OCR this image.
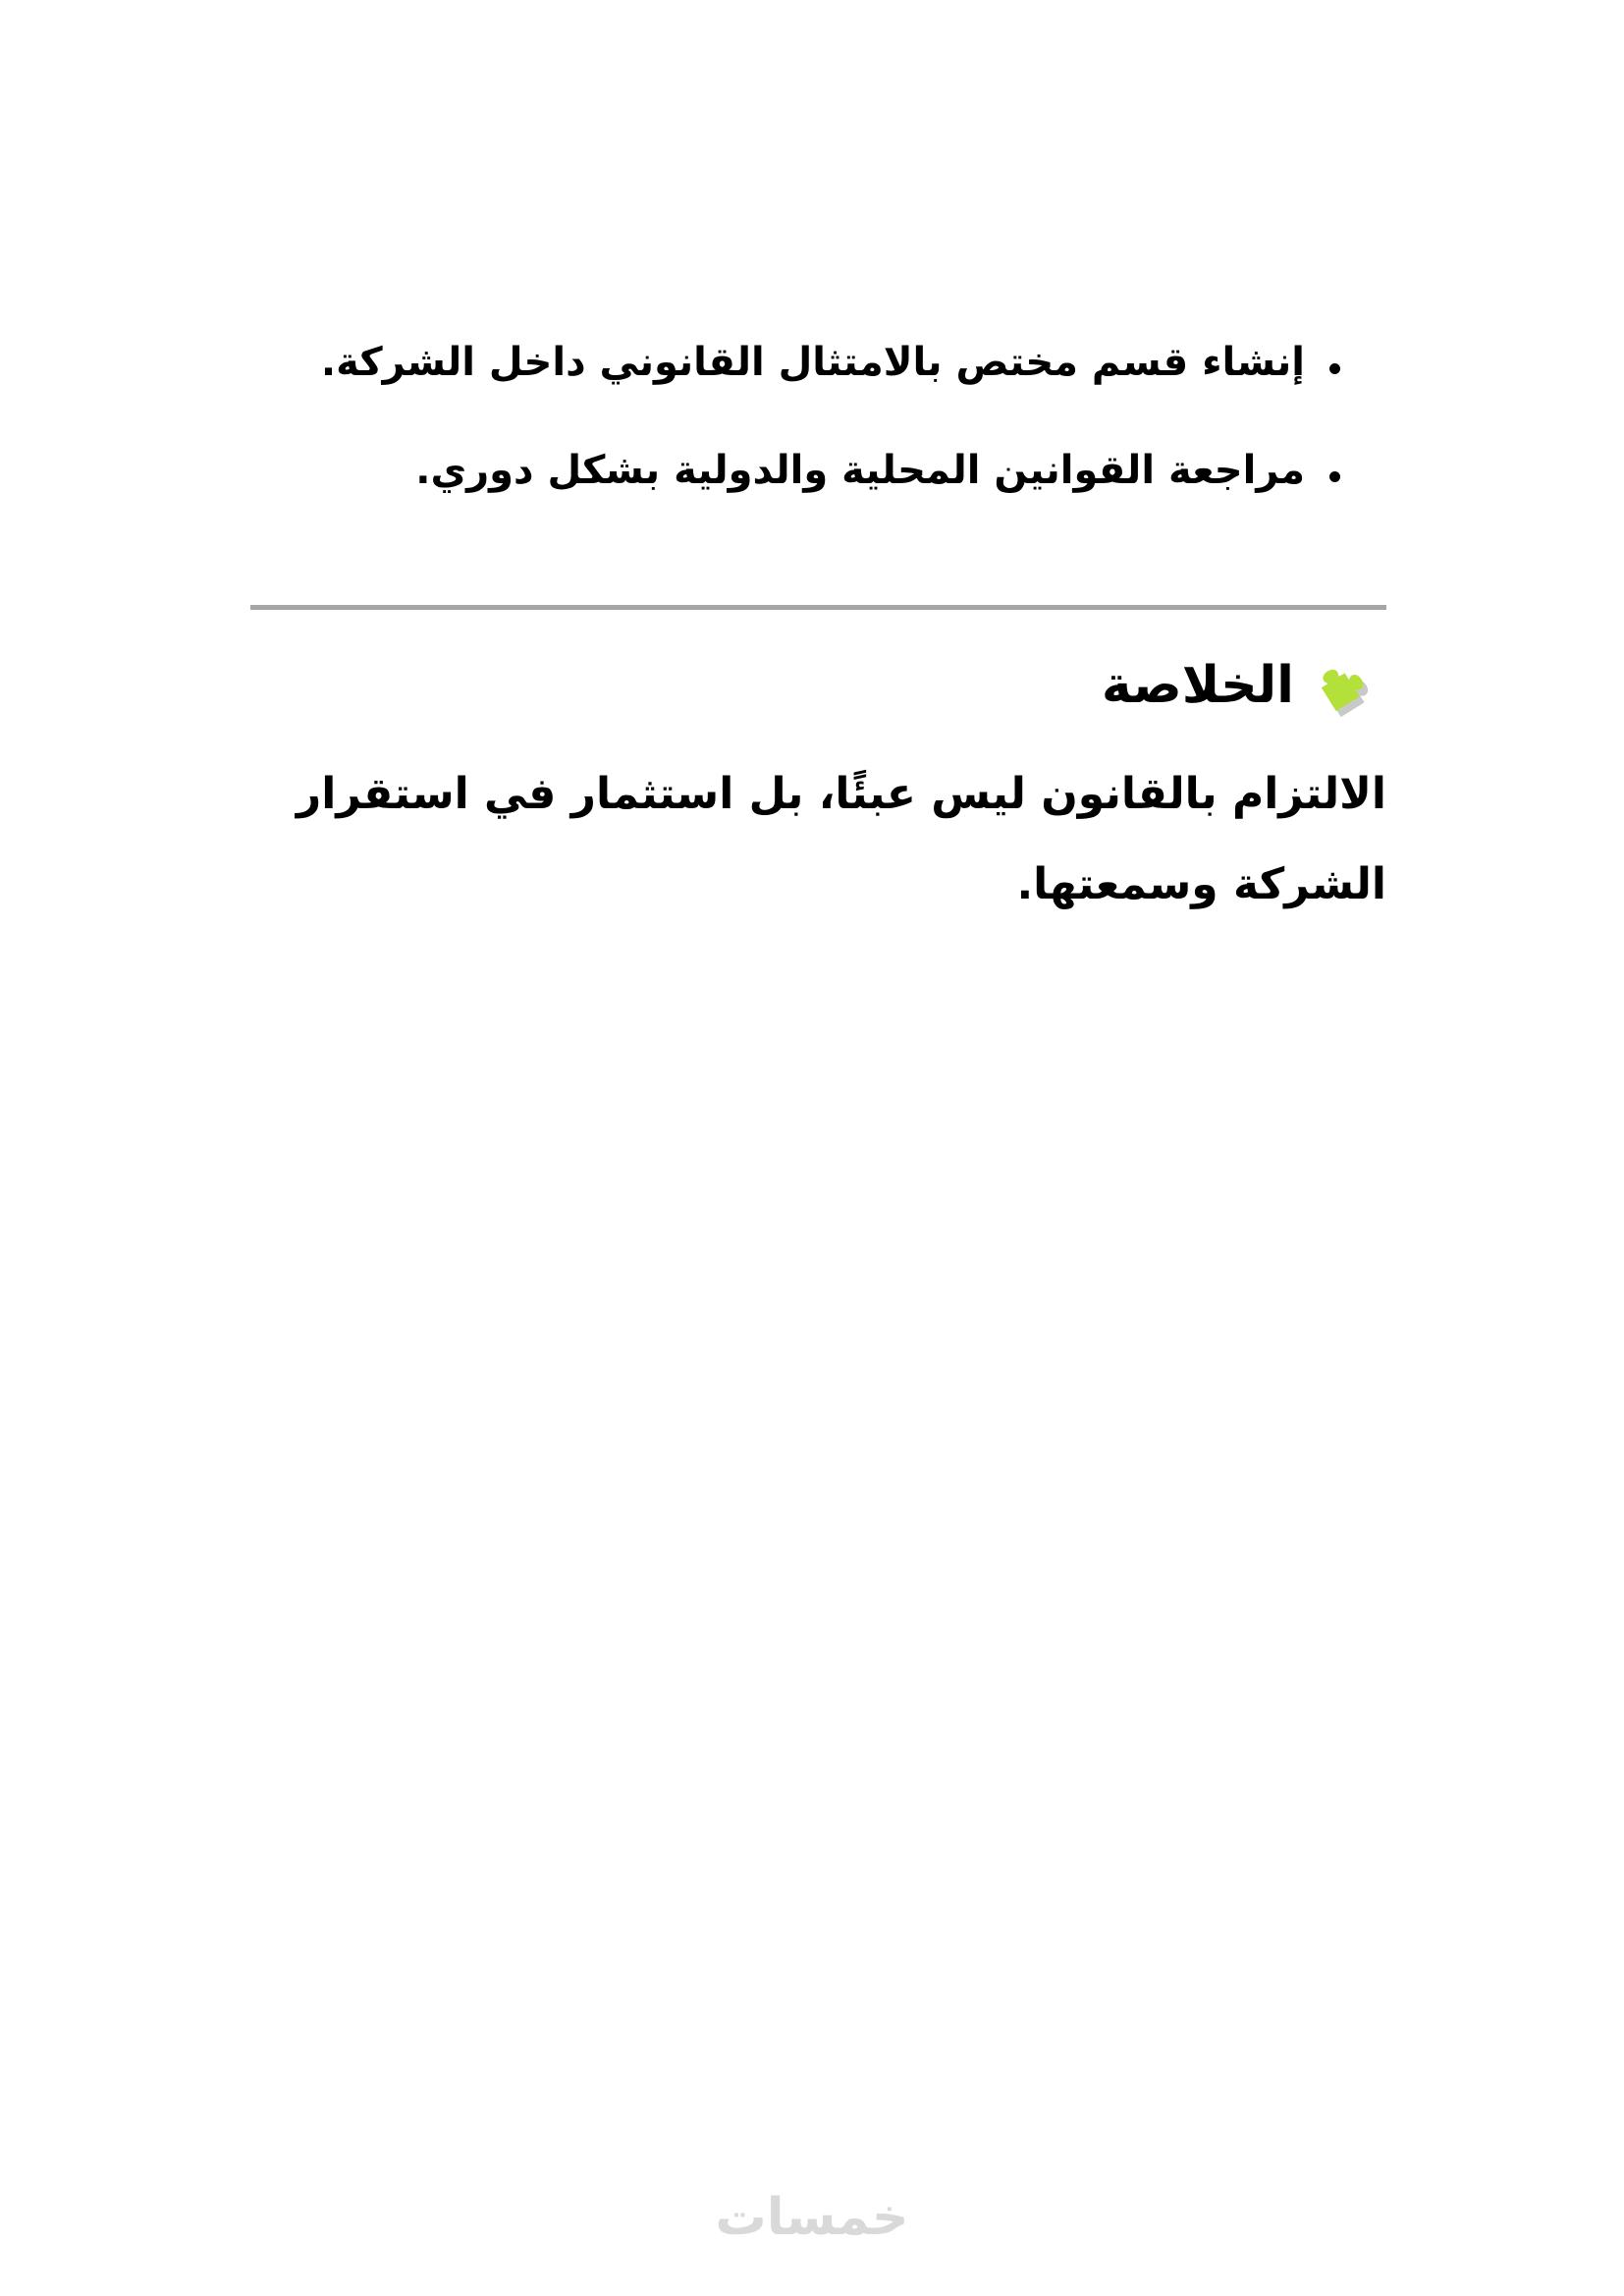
إنشاء قسم مختص بالامتثال القانوني داخل الشركة.
مراجعة القوانين المحلية والدولية بشكل دوري.
الخلاصة
الالتزام بالقانون ليس عبئًا، بل استثمار في استقرار الشركة وسمعتها.
خمسات
